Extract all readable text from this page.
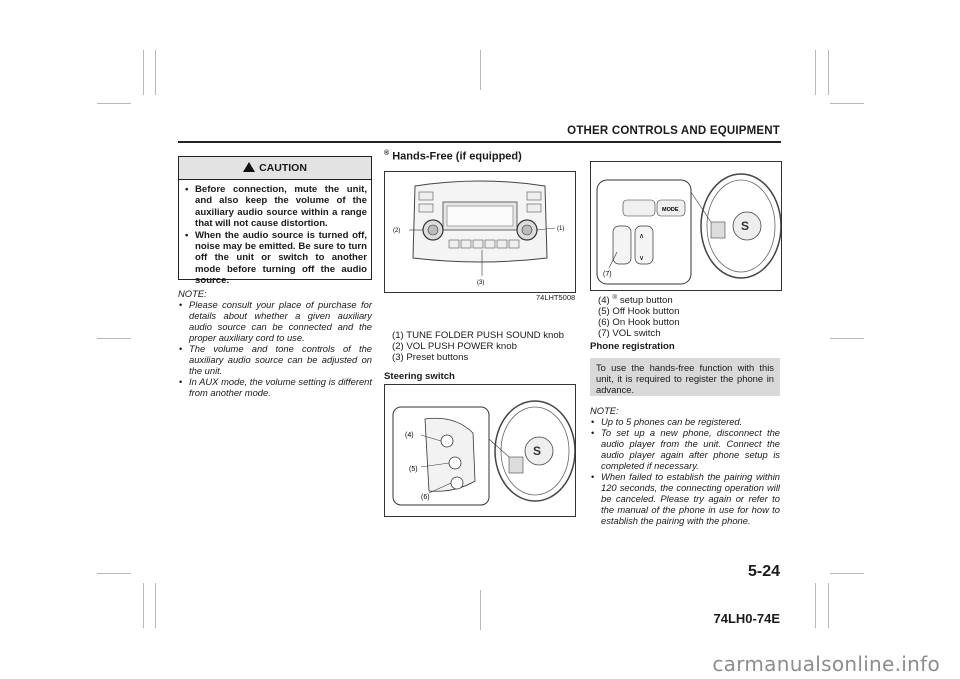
OTHER CONTROLS AND EQUIPMENT
CAUTION
• Before connection, mute the unit, and also keep the volume of the auxiliary audio source within a range that will not cause distortion.
• When the audio source is turned off, noise may be emitted. Be sure to turn off the unit or switch to another mode before turning off the audio source.
NOTE:
• Please consult your place of purchase for details about whether a given auxiliary audio source can be connected and the proper auxiliary cord to use.
• The volume and tone controls of the auxiliary audio source can be adjusted on the unit.
• In AUX mode, the volume setting is different from another mode.
® Hands-Free (if equipped)
(2)	(1)
(3)
74LHT5008
(1) TUNE FOLDER PUSH SOUND knob
(2) VOL PUSH POWER knob
(3) Preset buttons
Steering switch
(4)
(5)
(6)
S
MODE
∧
∨
(7)
S
(4) ® setup button
(5) Off Hook button
(6) On Hook button
(7) VOL switch
Phone registration
To use the hands-free function with this unit, it is required to register the phone in advance.
NOTE:
• Up to 5 phones can be registered.
• To set up a new phone, disconnect the audio player from the unit. Connect the audio player again after phone setup is completed if necessary.
• When failed to establish the pairing within 120 seconds, the connecting operation will be canceled. Please try again or refer to the manual of the phone in use for how to establish the pairing with the phone.
5-24
74LH0-74E
carmanualsonline.info
